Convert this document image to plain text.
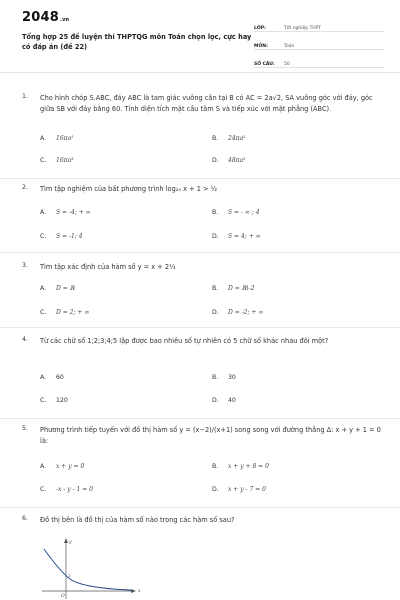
2048.vn
Tổng hợp 25 đề luyện thi THPTQG môn Toán chọn lọc, cực hay có đáp án (đề 22)
LỚP:	Tốt nghiệp THPT
MÔN:	Toán
SỐ CÂU:	50
1. Cho hình chóp S.ABC, đáy ABC là tam giác vuông cân tại B có AC = 2a√2, SA vuông góc với đáy, góc giữa SB với đáy bằng 60. Tính diện tích mặt cầu tâm S và tiếp xúc với mặt phẳng (ABC).
A. 16πa²	B. 24πa²
C. 16πa³	D. 48πa²
2. Tìm tập nghiệm của bất phương trình log₂₅ x + 1 > ½
A. S = -4; + ∞	B. S = - ∞ ; 4
C. S = -1; 4	D. S = 4; + ∞
3. Tìm tập xác định của hàm số y = x + 2⅓
A. D = ℝ	B. D = ℝ\-2
C. D = 2; + ∞	D. D = -2; + ∞
4. Từ các chữ số 1;2;3;4;5 lập được bao nhiêu số tự nhiên có 5 chữ số khác nhau đôi một?
A. 60	B. 30
C. 120	D. 40
5. Phương trình tiếp tuyến với đồ thị hàm số y = (x−2)/(x+1) song song với đường thẳng Δ: x + y + 1 = 0 là:
A. x + y = 0	B. x + y + 8 = 0
C. -x - y - 1 = 0	D. x + y - 7 = 0
6. Đồ thị bên là đồ thị của hàm số nào trong các hàm số sau?
y
x
O
1
